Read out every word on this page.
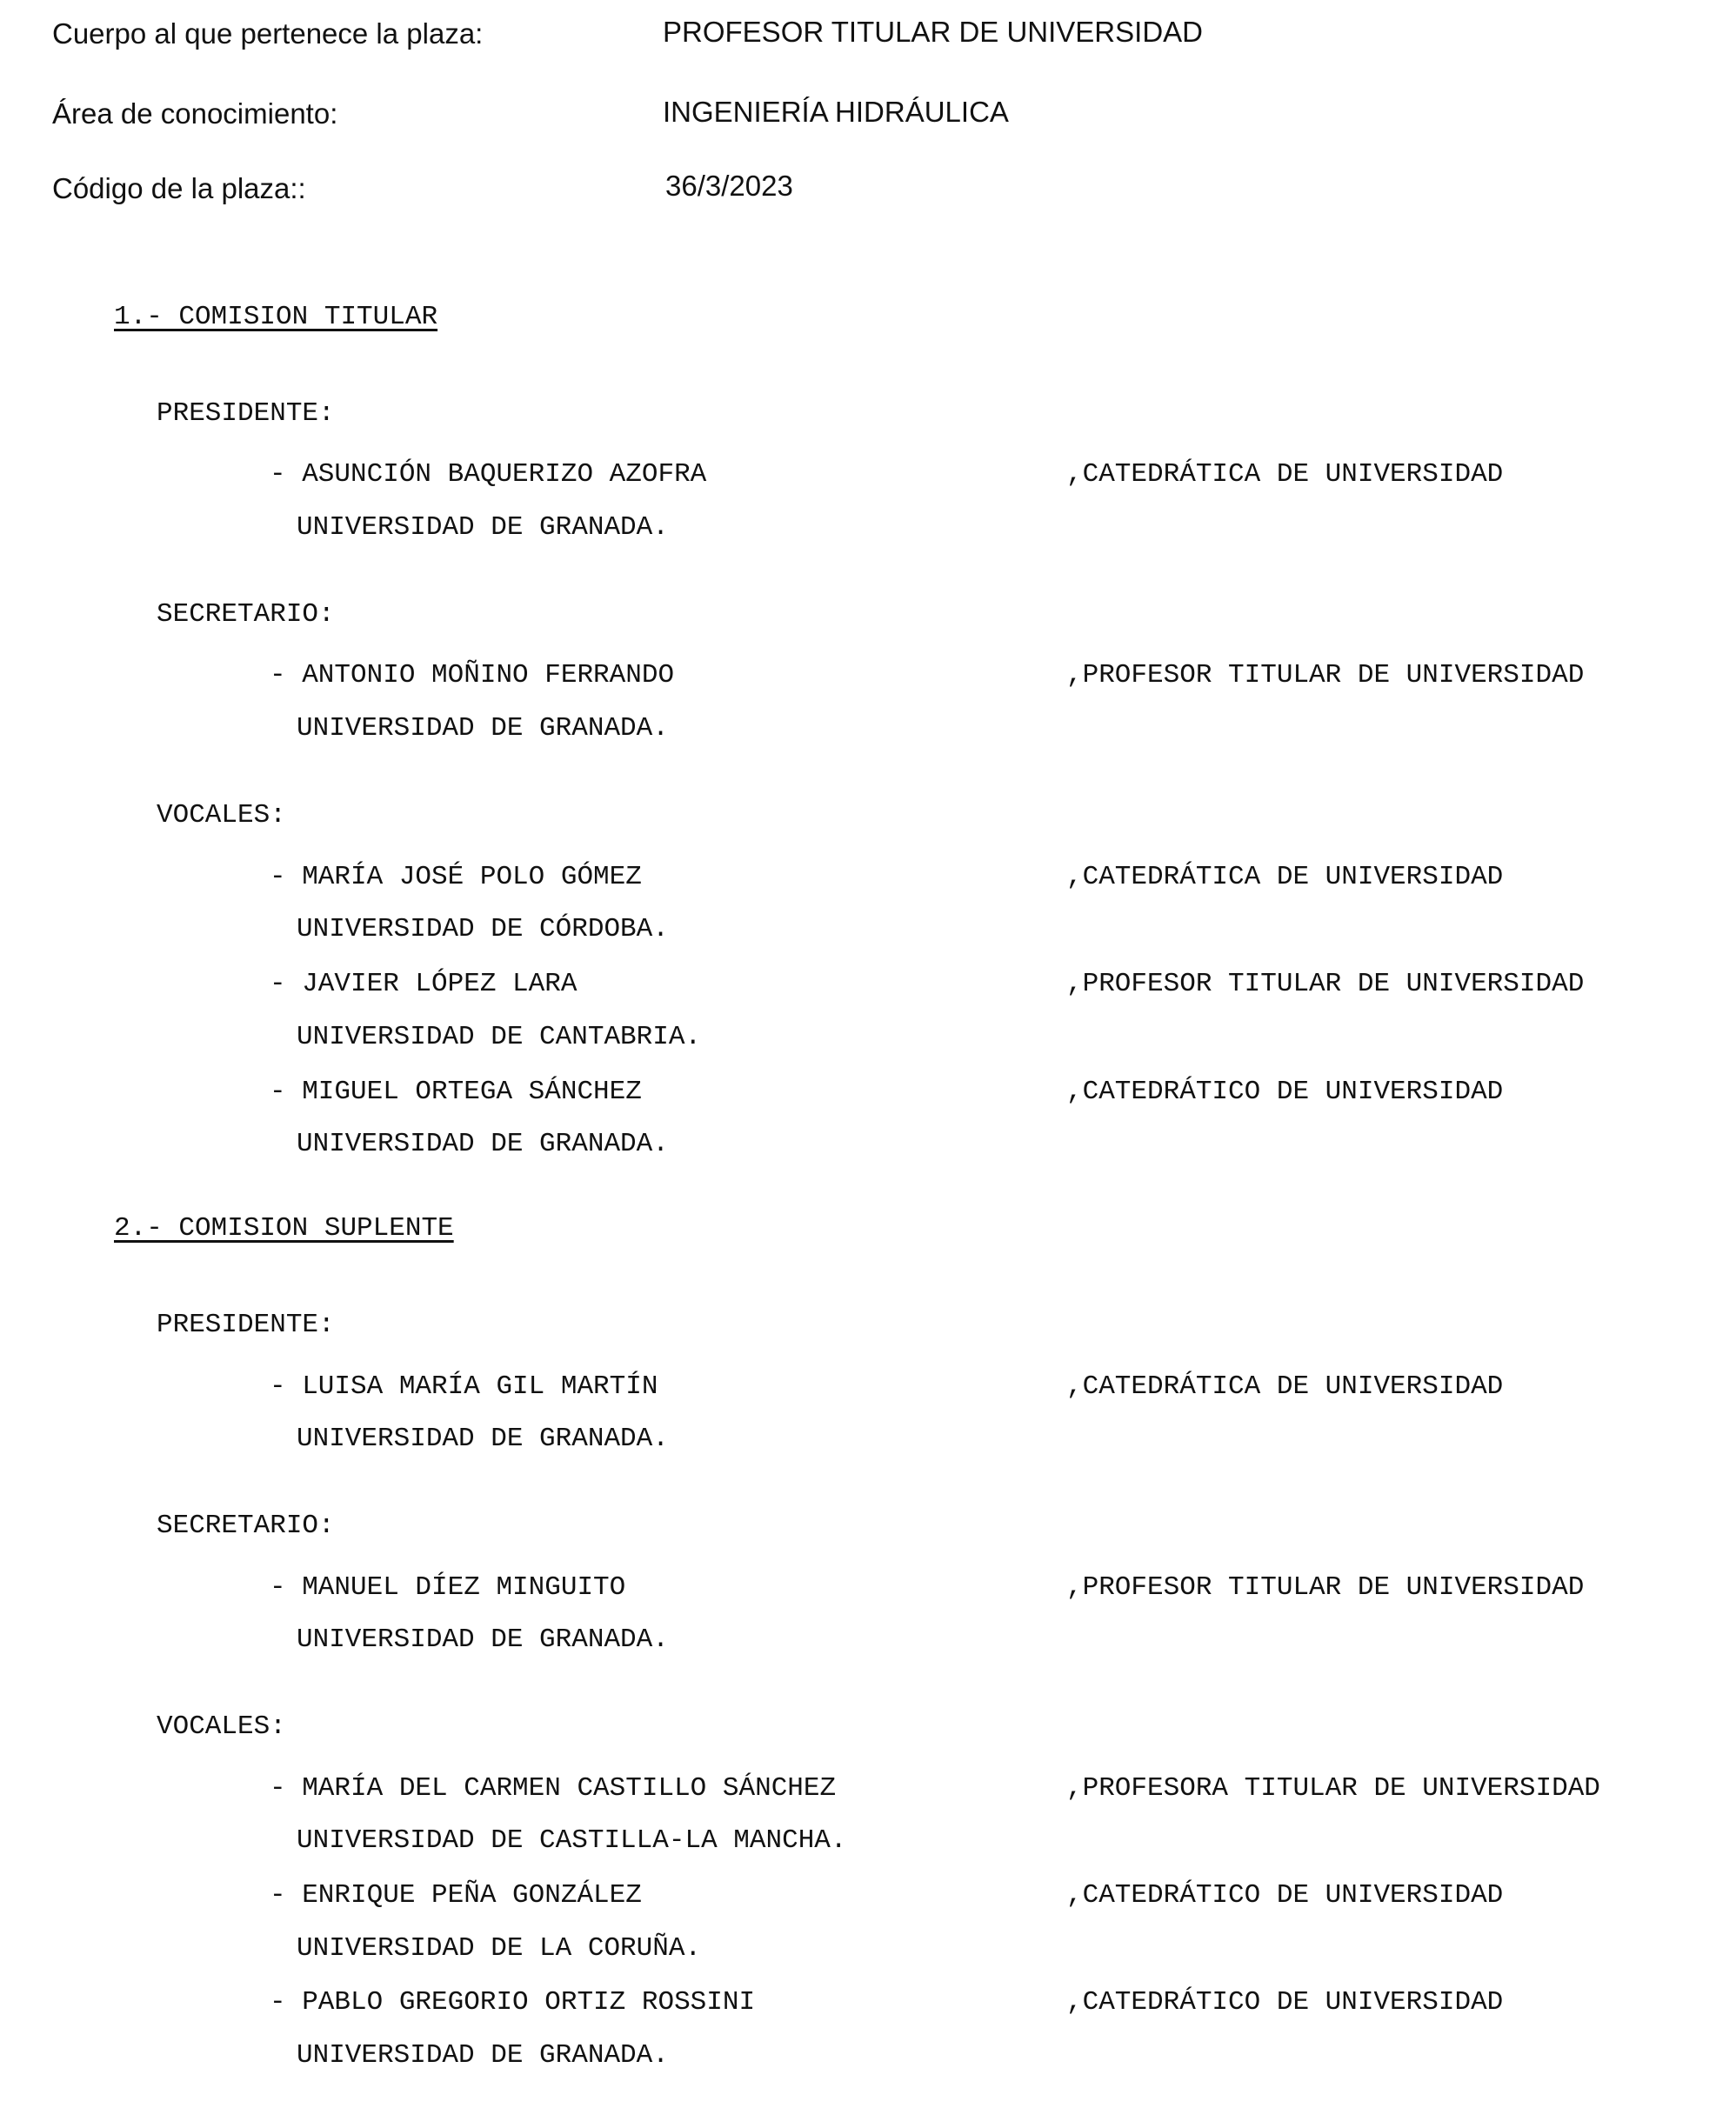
Cuerpo al que pertenece la plaza:	PROFESOR TITULAR DE UNIVERSIDAD
Área de conocimiento:	INGENIERÍA HIDRÁULICA
Código de la plaza::	36/3/2023
1.- COMISION TITULAR
PRESIDENTE:
- ASUNCIÓN BAQUERIZO AZOFRA	,CATEDRÁTICA DE UNIVERSIDAD
UNIVERSIDAD DE GRANADA.
SECRETARIO:
- ANTONIO MOÑINO FERRANDO	,PROFESOR TITULAR DE UNIVERSIDAD
UNIVERSIDAD DE GRANADA.
VOCALES:
- MARÍA JOSÉ POLO GÓMEZ	,CATEDRÁTICA DE UNIVERSIDAD
UNIVERSIDAD DE CÓRDOBA.
- JAVIER LÓPEZ LARA	,PROFESOR TITULAR DE UNIVERSIDAD
UNIVERSIDAD DE CANTABRIA.
- MIGUEL ORTEGA SÁNCHEZ	,CATEDRÁTICO DE UNIVERSIDAD
UNIVERSIDAD DE GRANADA.
2.- COMISION SUPLENTE
PRESIDENTE:
- LUISA MARÍA GIL MARTÍN	,CATEDRÁTICA DE UNIVERSIDAD
UNIVERSIDAD DE GRANADA.
SECRETARIO:
- MANUEL DÍEZ MINGUITO	,PROFESOR TITULAR DE UNIVERSIDAD
UNIVERSIDAD DE GRANADA.
VOCALES:
- MARÍA DEL CARMEN CASTILLO SÁNCHEZ	,PROFESORA TITULAR DE UNIVERSIDAD
UNIVERSIDAD DE CASTILLA-LA MANCHA.
- ENRIQUE PEÑA GONZÁLEZ	,CATEDRÁTICO DE UNIVERSIDAD
UNIVERSIDAD DE LA CORUÑA.
- PABLO GREGORIO ORTIZ ROSSINI	,CATEDRÁTICO DE UNIVERSIDAD
UNIVERSIDAD DE GRANADA.
